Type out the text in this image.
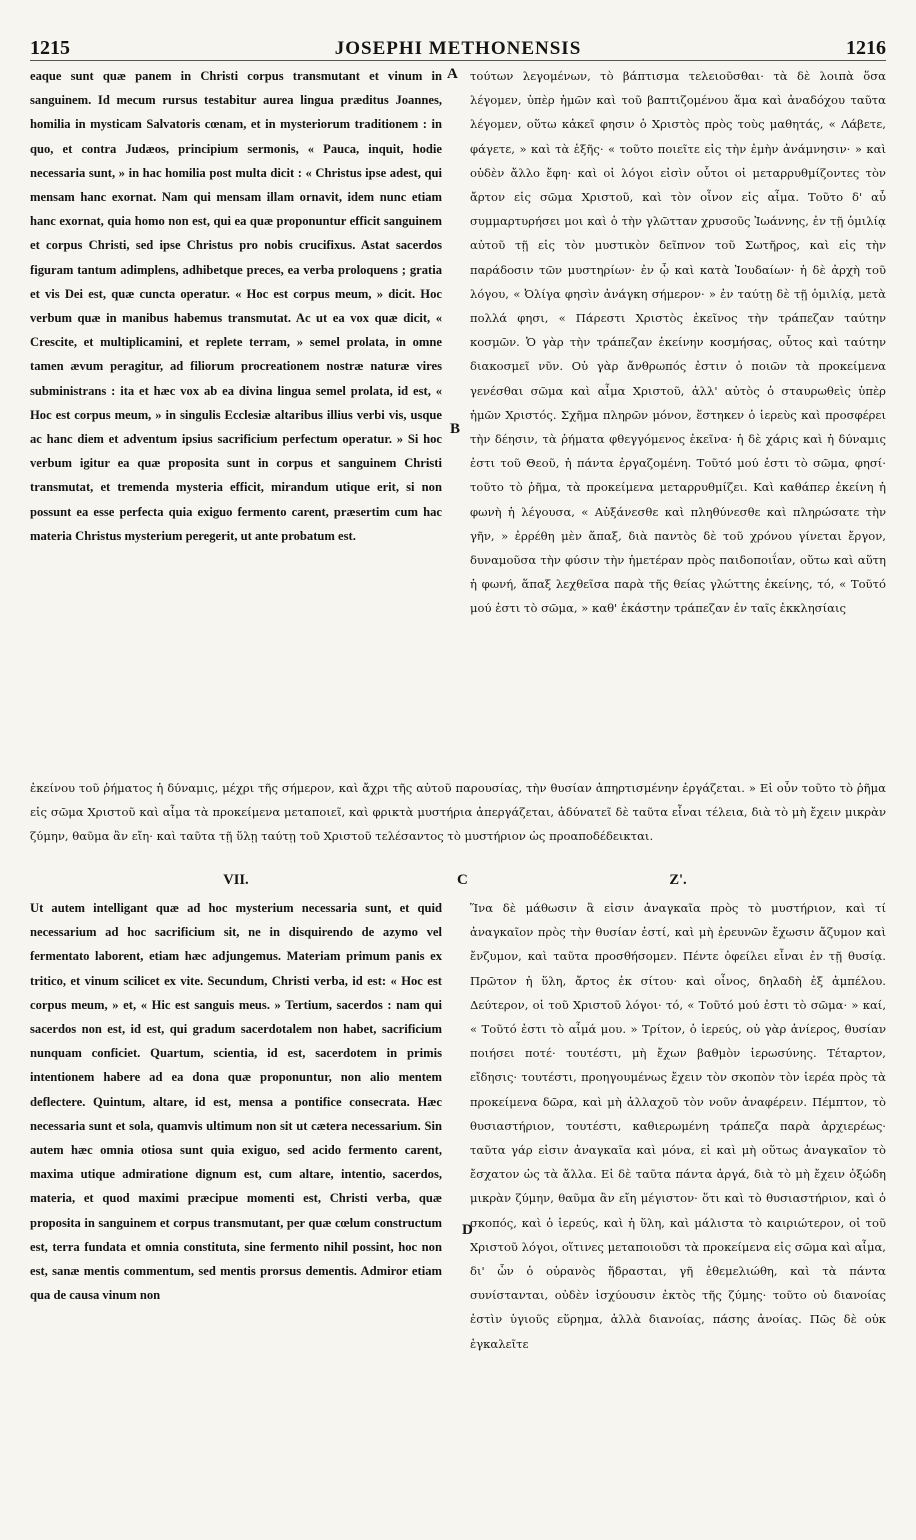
1215	JOSEPHI METHONENSIS	1216
eaque sunt quæ panem in Christi corpus transmutant et vinum in sanguinem. Id mecum rursus testabitur aurea lingua præditus Joannes, homilia in mysticam Salvatoris cœnam, et in mysteriorum traditionem : in quo, et contra Judæos, principium sermonis, « Pauca, inquit, hodie necessaria sunt, » in hac homilia post multa dicit : « Christus ipse adest, qui mensam hanc exornat. Nam qui mensam illam ornavit, idem nunc etiam hanc exornat, quia homo non est, qui ea quæ proponuntur efficit sanguinem et corpus Christi, sed ipse Christus pro nobis crucifixus. Astat sacerdos figuram tantum adimplens, adhibetque preces, ea verba proloquens ; gratia et vis Dei est, quæ cuncta operatur. « Hoc est corpus meum, » dicit. Hoc verbum quæ in manibus habemus transmutat. Ac ut ea vox quæ dicit, « Crescite, et multiplicamini, et replete terram, » semel prolata, in omne tamen ævum peragitur, ad filiorum procreationem nostræ naturæ vires subministrans : ita et hæc vox ab ea divina lingua semel prolata, id est, « Hoc est corpus meum, » in singulis Ecclesiæ altaribus illius verbi vis, usque ac hanc diem et adventum ipsius sacrificium perfectum operatur. » Si hoc verbum igitur ea quæ proposita sunt in corpus et sanguinem Christi transmutat, et tremenda mysteria efficit, mirandum utique erit, si non possunt ea esse perfecta quia exiguo fermento carent, præsertim cum hac materia Christus mysterium peregerit, ut ante probatum est.
A
B
τούτων λεγομένων, τὸ βάπτισμα τελειοῦσθαι· τὰ δὲ λοιπὰ ὅσα λέγομεν, ὑπὲρ ἡμῶν καὶ τοῦ βαπτιζομένου ἅμα καὶ ἀναδόχου ταῦτα λέγομεν, οὕτω κἀκεῖ φησιν ὁ Χριστὸς πρὸς τοὺς μαθητάς, « Λάβετε, φάγετε, » καὶ τὰ ἑξῆς· « τοῦτο ποιεῖτε εἰς τὴν ἐμὴν ἀνάμνησιν· » καὶ οὐδὲν ἄλλο ἔφη· καὶ οἱ λόγοι εἰσὶν οὗτοι οἱ μεταρρυθμίζοντες τὸν ἄρτον εἰς σῶμα Χριστοῦ, καὶ τὸν οἶνον εἰς αἷμα. Τοῦτο δ' αὖ συμμαρτυρήσει μοι καὶ ὁ τὴν γλῶτταν χρυσοῦς Ἰωάννης, ἐν τῇ ὁμιλίᾳ αὐτοῦ τῇ εἰς τὸν μυστικὸν δεῖπνον τοῦ Σωτῆρος, καὶ εἰς τὴν παράδοσιν τῶν μυστηρίων· ἐν ᾧ καὶ κατὰ Ἰουδαίων· ἡ δὲ ἀρχὴ τοῦ λόγου, « Ὀλίγα φησὶν ἀνάγκη σήμερον· » ἐν ταύτῃ δὲ τῇ ὁμιλίᾳ, μετὰ πολλά φησι, « Πάρεστι Χριστὸς ἐκεῖνος τὴν τράπεζαν ταύτην κοσμῶν. Ὁ γὰρ τὴν τράπεζαν ἐκείνην κοσμήσας, οὗτος καὶ ταύτην διακοσμεῖ νῦν. Οὐ γὰρ ἄνθρωπός ἐστιν ὁ ποιῶν τὰ προκείμενα γενέσθαι σῶμα καὶ αἷμα Χριστοῦ, ἀλλ' αὐτὸς ὁ σταυρωθεὶς ὑπὲρ ἡμῶν Χριστός. Σχῆμα πληρῶν μόνον, ἕστηκεν ὁ ἱερεὺς καὶ προσφέρει τὴν δέησιν, τὰ ῥήματα φθεγγόμενος ἐκεῖνα· ἡ δὲ χάρις καὶ ἡ δύναμις ἐστι τοῦ Θεοῦ, ἡ πάντα ἐργαζομένη. Τοῦτό μού ἐστι τὸ σῶμα, φησί· τοῦτο τὸ ῥῆμα, τὰ προκείμενα μεταρρυθμίζει. Καὶ καθάπερ ἐκείνη ἡ φωνὴ ἡ λέγουσα, « Αὐξάνεσθε καὶ πληθύνεσθε καὶ πληρώσατε τὴν γῆν, » ἐρρέθη μὲν ἅπαξ, διὰ παντὸς δὲ τοῦ χρόνου γίνεται ἔργον, δυναμοῦσα τὴν φύσιν τὴν ἡμετέραν πρὸς παιδοποιΐαν, οὕτω καὶ αὕτη ἡ φωνή, ἅπαξ λεχθεῖσα παρὰ τῆς θείας γλώττης ἐκείνης, τό, « Τοῦτό μού ἐστι τὸ σῶμα, » καθ' ἑκάστην τράπεζαν ἐν ταῖς ἐκκλησίαις
ἐκείνου τοῦ ῥήματος ἡ δύναμις, μέχρι τῆς σήμερον, καὶ ἄχρι τῆς αὐτοῦ παρουσίας, τὴν θυσίαν ἀπηρτισμένην ἐργάζεται. » Εἰ οὖν τοῦτο τὸ ῥῆμα εἰς σῶμα Χριστοῦ καὶ αἷμα τὰ προκείμενα μεταποιεῖ, καὶ φρικτὰ μυστήρια ἀπεργάζεται, ἀδύνατεῖ δὲ ταῦτα εἶναι τέλεια, διὰ τὸ μὴ ἔχειν μικρὰν ζύμην, θαῦμα ἂν εἴη· καὶ ταῦτα τῇ ὕλῃ ταύτῃ τοῦ Χριστοῦ τελέσαντος τὸ μυστήριον ὡς προαποδέδεικται.
VII.	C	Ζ'.
Ut autem intelligant quæ ad hoc mysterium necessaria sunt, et quid necessarium ad hoc sacrificium sit, ne in disquirendo de azymo vel fermentato laborent, etiam hæc adjungemus. Materiam primum panis ex tritico, et vinum scilicet ex vite. Secundum, Christi verba, id est: « Hoc est corpus meum, » et, « Hic est sanguis meus. » Tertium, sacerdos : nam qui sacerdos non est, id est, qui gradum sacerdotalem non habet, sacrificium nunquam conficiet. Quartum, scientia, id est, sacerdotem in primis intentionem habere ad ea dona quæ proponuntur, non alio mentem deflectere. Quintum, altare, id est, mensa a pontifice consecrata. Hæc necessaria sunt et sola, quamvis ultimum non sit ut cætera necessarium. Sin autem hæc omnia otiosa sunt quia exiguo, sed acido fermento carent, maxima utique admiratione dignum est, cum altare, intentio, sacerdos, materia, et quod maximi præcipue momenti est, Christi verba, quæ proposita in sanguinem et corpus transmutant, per quæ cœlum constructum est, terra fundata et omnia constituta, sine fermento nihil possint, hoc non est, sanæ mentis commentum, sed mentis prorsus dementis. Admiror etiam qua de causa vinum non
D
Ἵνα δὲ μάθωσιν ἃ εἰσιν ἀναγκαῖα πρὸς τὸ μυστήριον, καὶ τί ἀναγκαῖον πρὸς τὴν θυσίαν ἐστί, καὶ μὴ ἐρευνῶν ἔχωσιν ἄζυμον καὶ ἔνζυμον, καὶ ταῦτα προσθήσομεν. Πέντε ὀφείλει εἶναι ἐν τῇ θυσίᾳ. Πρῶτον ἡ ὕλη, ἄρτος ἐκ σίτου· καὶ οἶνος, δηλαδὴ ἐξ ἀμπέλου. Δεύτερον, οἱ τοῦ Χριστοῦ λόγοι· τό, « Τοῦτό μού ἐστι τὸ σῶμα· » καί, « Τοῦτό ἐστι τὸ αἷμά μου. » Τρίτον, ὁ ἱερεύς, οὐ γὰρ ἀνίερος, θυσίαν ποιήσει ποτέ· τουτέστι, μὴ ἔχων βαθμὸν ἱερωσύνης. Τέταρτον, εἴδησις· τουτέστι, προηγουμένως ἔχειν τὸν σκοπὸν τὸν ἱερέα πρὸς τὰ προκείμενα δῶρα, καὶ μὴ ἀλλαχοῦ τὸν νοῦν ἀναφέρειν. Πέμπτον, τὸ θυσιαστήριον, τουτέστι, καθιερωμένη τράπεζα παρὰ ἀρχιερέως· ταῦτα γάρ εἰσιν ἀναγκαῖα καὶ μόνα, εἰ καὶ μὴ οὕτως ἀναγκαῖον τὸ ἔσχατον ὡς τὰ ἄλλα. Εἰ δὲ ταῦτα πάντα ἀργά, διὰ τὸ μὴ ἔχειν ὀξώδη μικρὰν ζύμην, θαῦμα ἂν εἴη μέγιστον· ὅτι καὶ τὸ θυσιαστήριον, καὶ ὁ σκοπός, καὶ ὁ ἱερεύς, καὶ ἡ ὕλη, καὶ μάλιστα τὸ καιριώτερον, οἱ τοῦ Χριστοῦ λόγοι, οἵτινες μεταποιοῦσι τὰ προκείμενα εἰς σῶμα καὶ αἷμα, δι' ὧν ὁ οὐρανὸς ἥδρασται, γῆ ἐθεμελιώθη, καὶ τὰ πάντα συνίστανται, οὐδὲν ἰσχύουσιν ἐκτὸς τῆς ζύμης· τοῦτο οὐ διανοίας ἐστὶν ὑγιοῦς εὕρημα, ἀλλὰ διανοίας, πάσης ἀνοίας. Πῶς δὲ οὐκ ἐγκαλεῖτε
